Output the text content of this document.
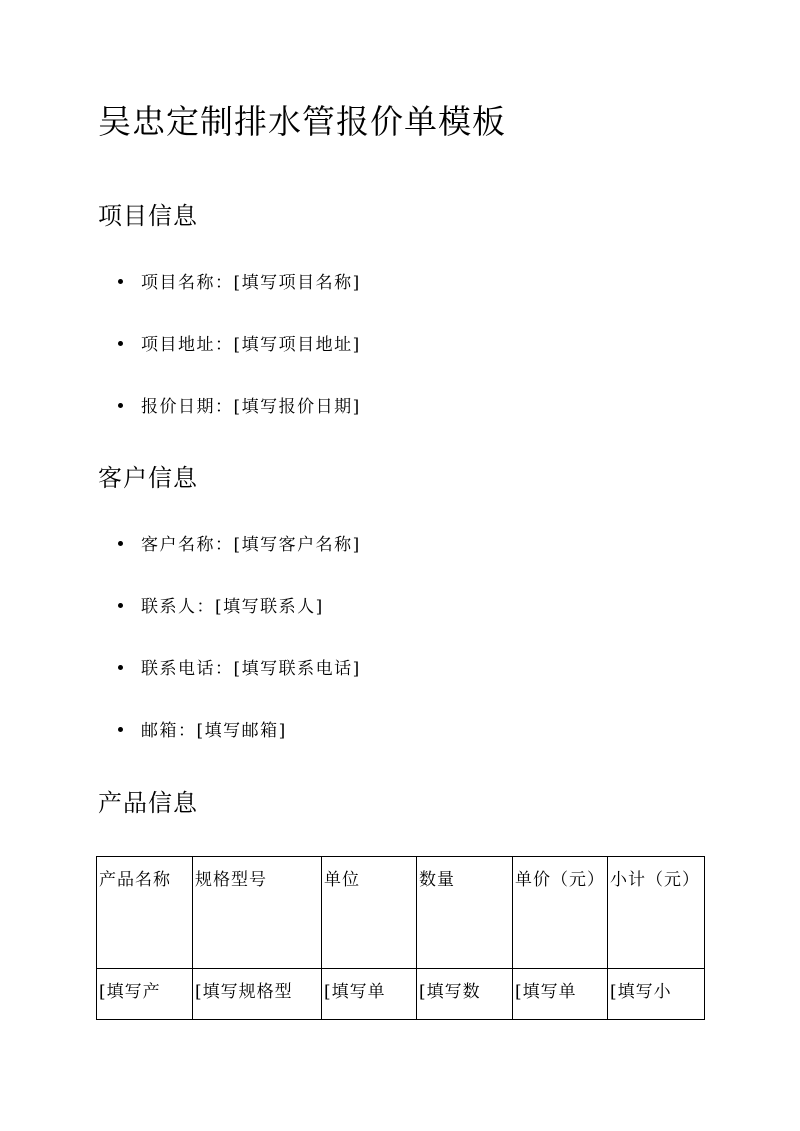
吴忠定制排水管报价单模板
项目信息
项目名称：[填写项目名称]
项目地址：[填写项目地址]
报价日期：[填写报价日期]
客户信息
客户名称：[填写客户名称]
联系人：[填写联系人]
联系电话：[填写联系电话]
邮箱：[填写邮箱]
产品信息
产品名称	规格型号	单位	数量	单价（元）	小计（元）
[填写产	[填写规格型	[填写单	[填写数	[填写单	[填写小
